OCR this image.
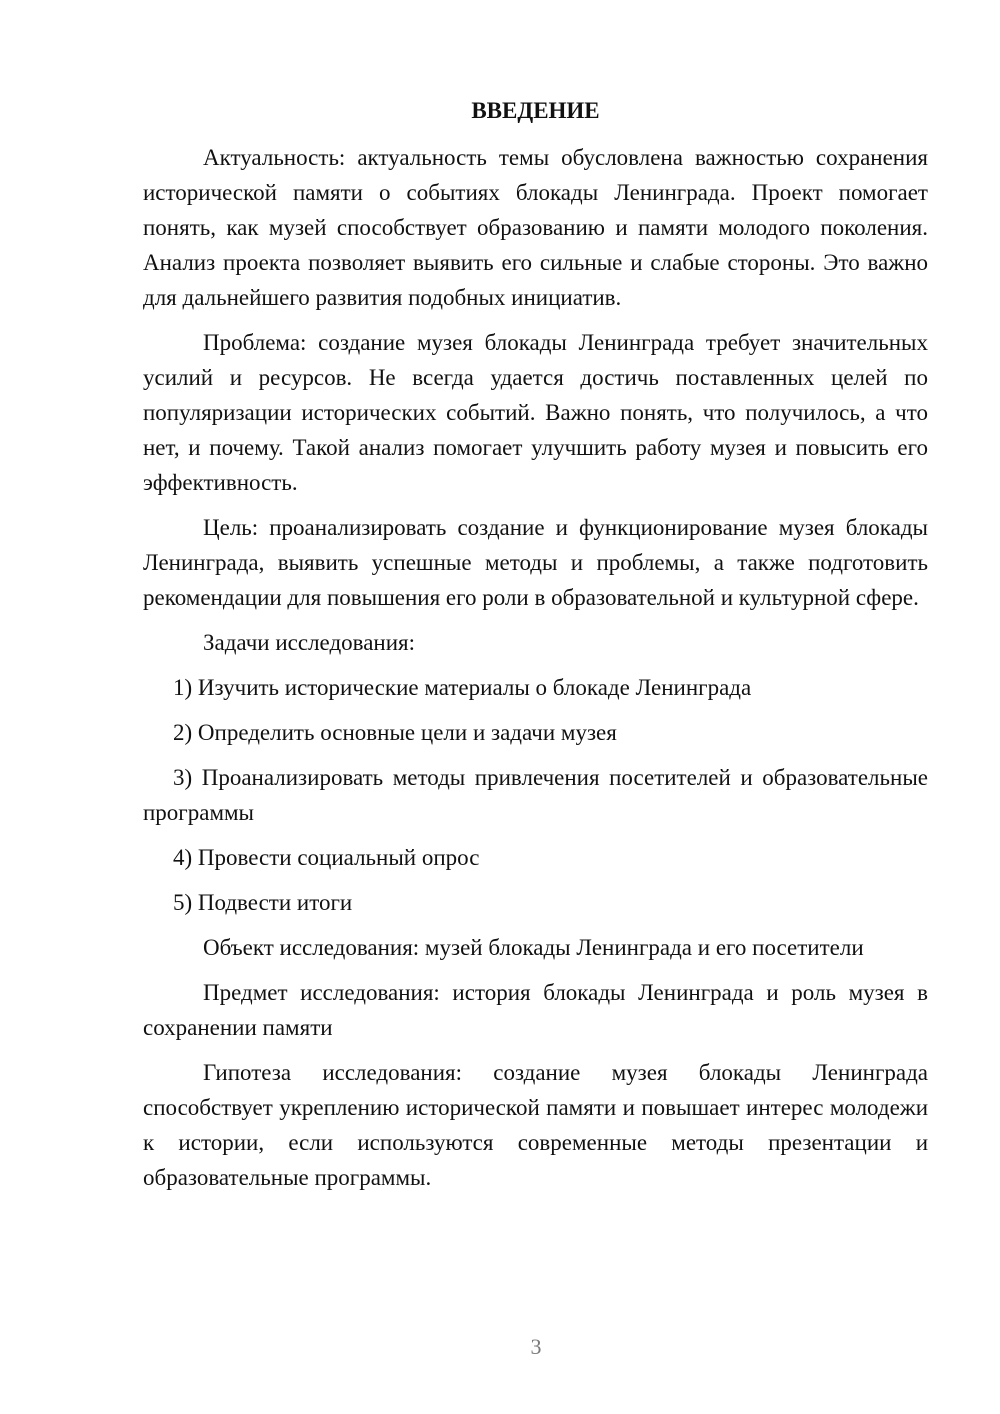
ВВЕДЕНИЕ

Актуальность: актуальность темы обусловлена важностью сохранения исторической памяти о событиях блокады Ленинграда. Проект помогает понять, как музей способствует образованию и памяти молодого поколения. Анализ проекта позволяет выявить его сильные и слабые стороны. Это важно для дальнейшего развития подобных инициатив.

Проблема: создание музея блокады Ленинграда требует значительных усилий и ресурсов. Не всегда удается достичь поставленных целей по популяризации исторических событий. Важно понять, что получилось, а что нет, и почему. Такой анализ помогает улучшить работу музея и повысить его эффективность.

Цель: проанализировать создание и функционирование музея блокады Ленинграда, выявить успешные методы и проблемы, а также подготовить рекомендации для повышения его роли в образовательной и культурной сфере.

Задачи исследования:

1) Изучить исторические материалы о блокаде Ленинграда

2) Определить основные цели и задачи музея

3) Проанализировать методы привлечения посетителей и образовательные программы

4) Провести социальный опрос

5) Подвести итоги

Объект исследования: музей блокады Ленинграда и его посетители

Предмет исследования: история блокады Ленинграда и роль музея в сохранении памяти

Гипотеза исследования: создание музея блокады Ленинграда способствует укреплению исторической памяти и повышает интерес молодежи к истории, если используются современные методы презентации и образовательные программы.

3
